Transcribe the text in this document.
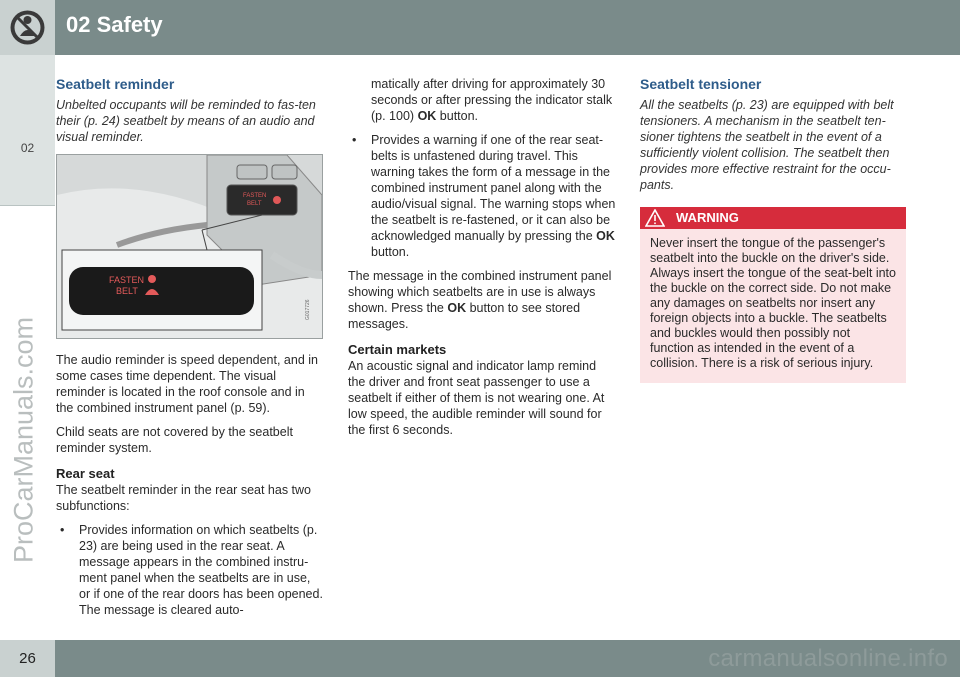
02 Safety
02
ProCarManuals.com
Seatbelt reminder

Unbelted occupants will be reminded to fas-ten their (p. 24) seatbelt by means of an audio and visual reminder.

FASTEN
BELT
FASTEN
BELT
G017726

The audio reminder is speed dependent, and in some cases time dependent. The visual reminder is located in the roof console and in the combined instrument panel (p. 59).

Child seats are not covered by the seatbelt reminder system.

Rear seat

The seatbelt reminder in the rear seat has two subfunctions:

• Provides information on which seatbelts (p. 23) are being used in the rear seat. A message appears in the combined instru-ment panel when the seatbelts are in use, or if one of the rear doors has been opened. The message is cleared auto-
matically after driving for approximately 30 seconds or after pressing the indicator stalk (p. 100) OK button.
• Provides a warning if one of the rear seat-belts is unfastened during travel. This warning takes the form of a message in the combined instrument panel along with the audio/visual signal. The warning stops when the seatbelt is re-fastened, or it can also be acknowledged manually by pressing the OK button.

The message in the combined instrument panel showing which seatbelts are in use is always shown. Press the OK button to see stored messages.

Certain markets

An acoustic signal and indicator lamp remind the driver and front seat passenger to use a seatbelt if either of them is not wearing one. At low speed, the audible reminder will sound for the first 6 seconds.

Seatbelt tensioner

All the seatbelts (p. 23) are equipped with belt tensioners. A mechanism in the seatbelt ten-sioner tightens the seatbelt in the event of a sufficiently violent collision. The seatbelt then provides more effective restraint for the occu-pants.

WARNING
Never insert the tongue of the passenger's seatbelt into the buckle on the driver's side. Always insert the tongue of the seat-belt into the buckle on the correct side. Do not make any damages on seatbelts nor insert any foreign objects into a buckle. The seatbelts and buckles would then possibly not function as intended in the event of a collision. There is a risk of serious injury.
26	carmanualsonline.info
